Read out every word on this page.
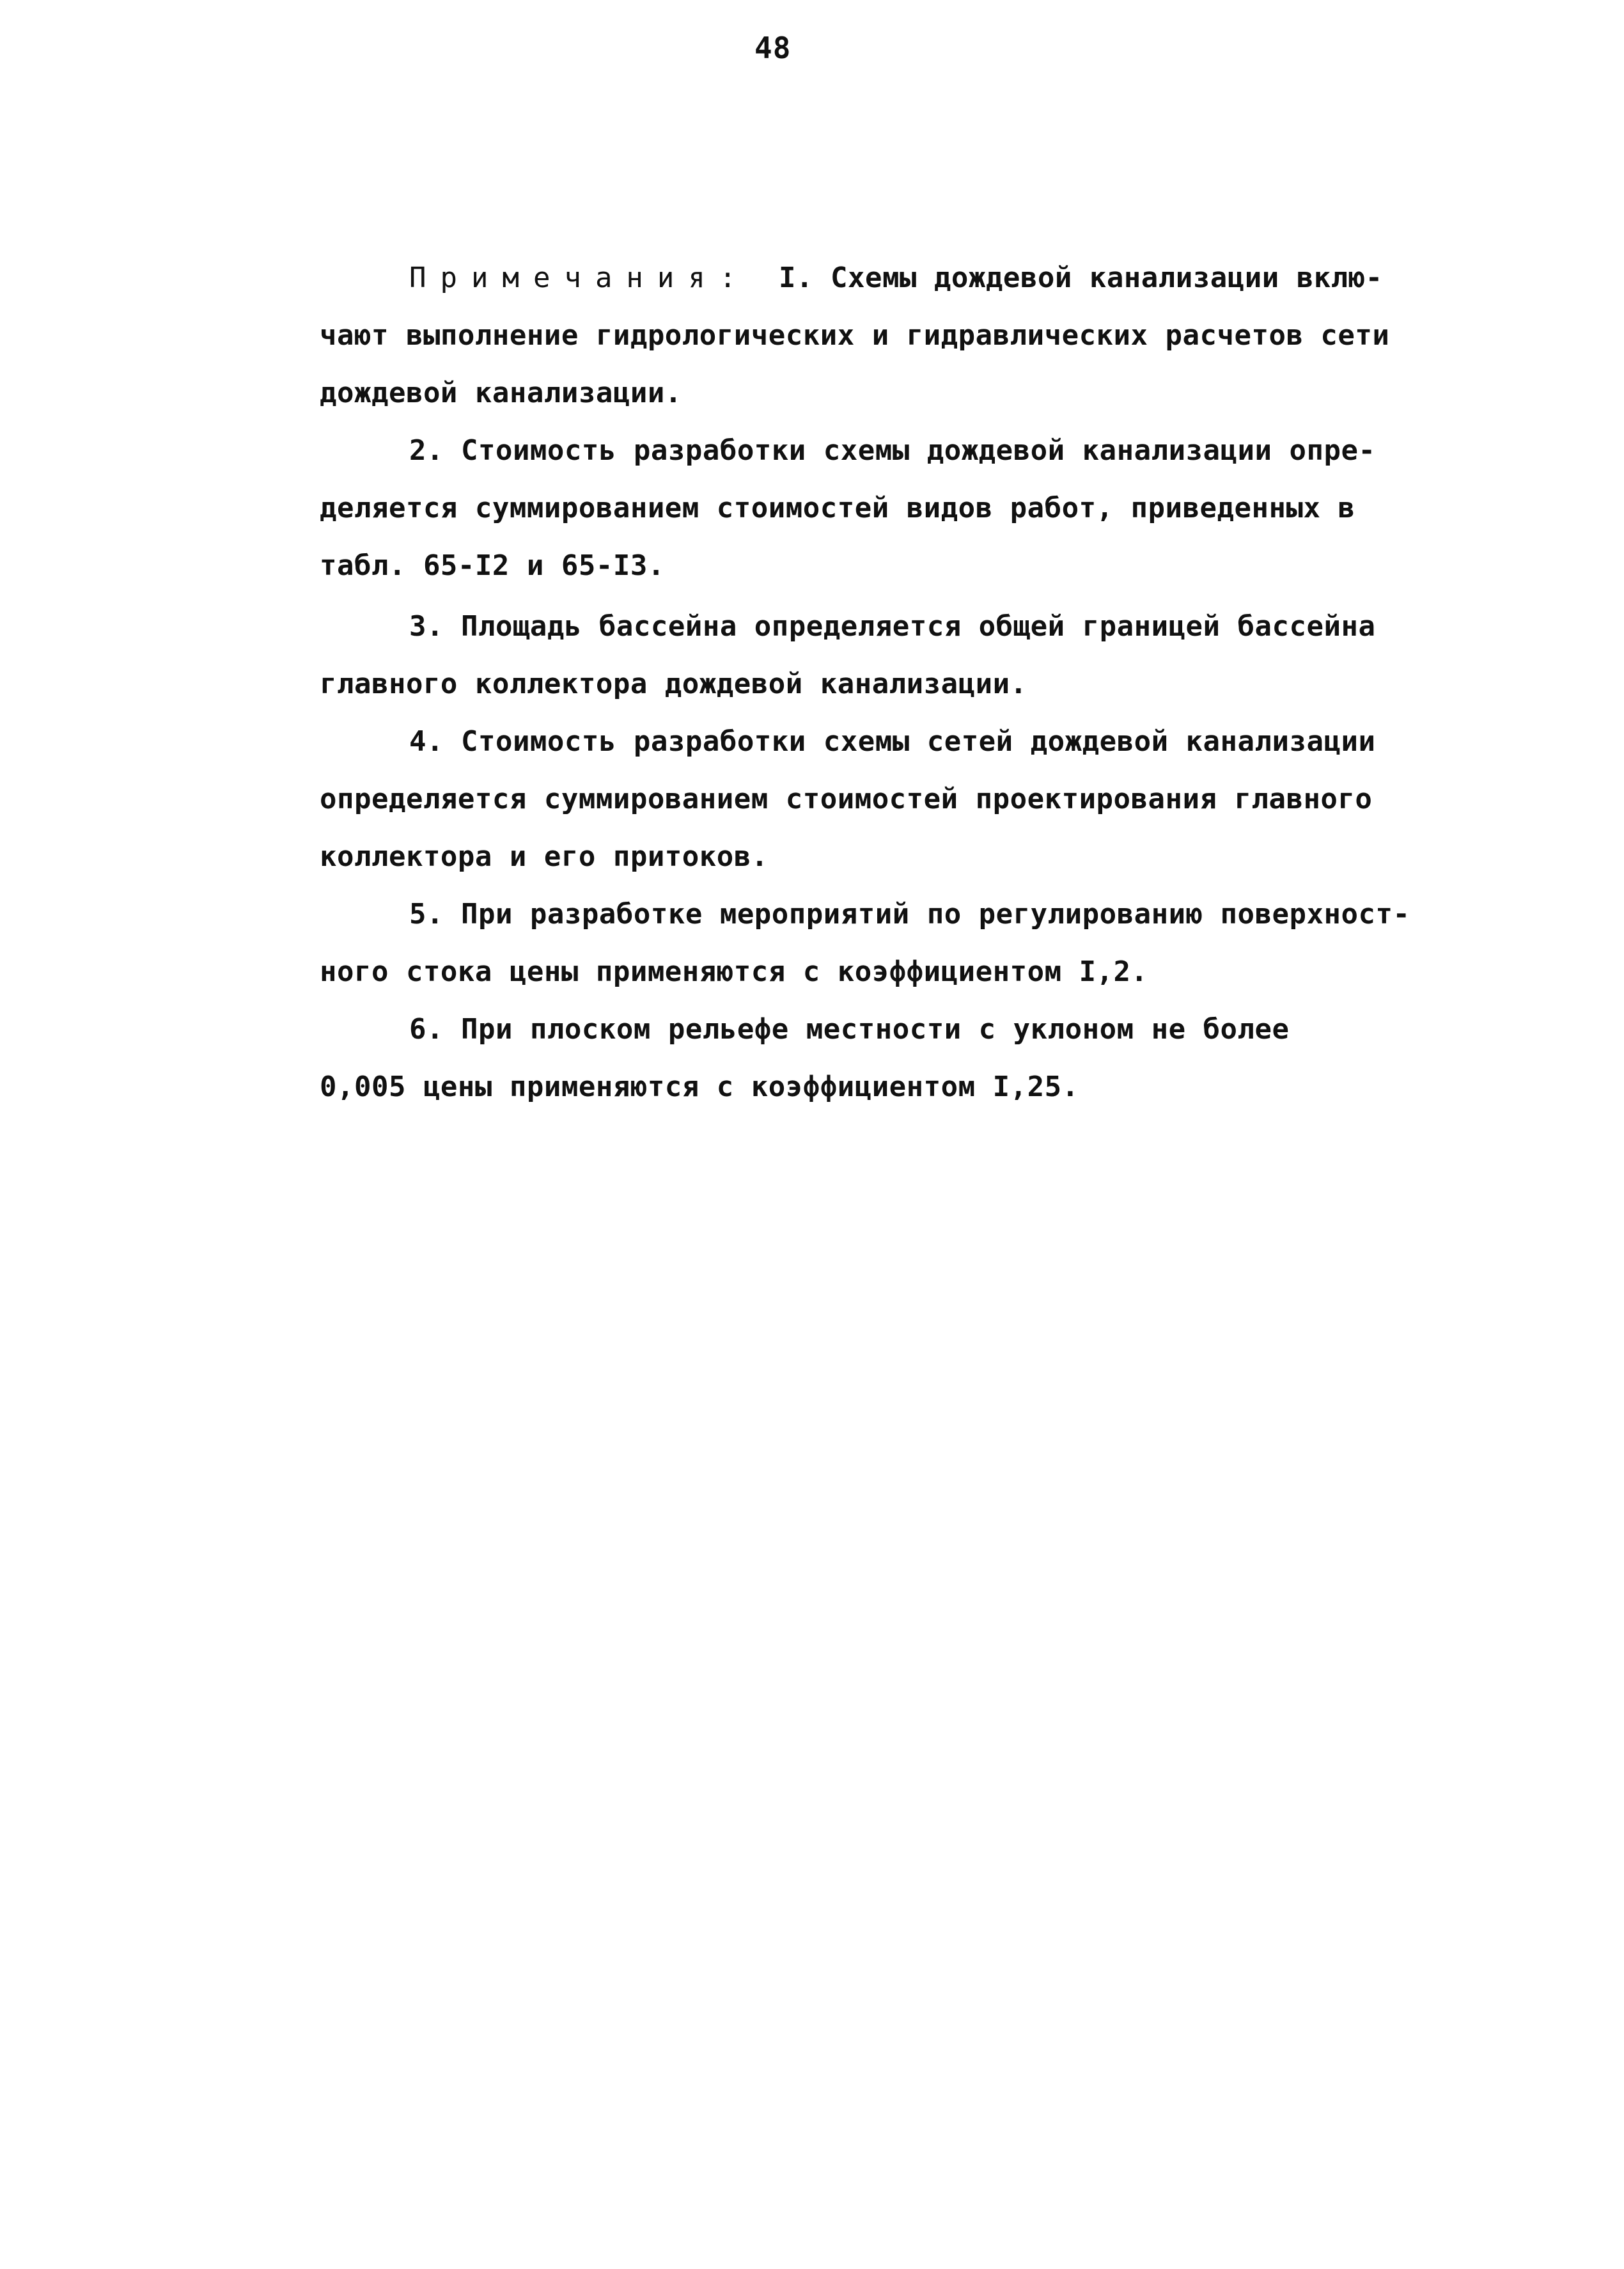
48
Примечания: I. Схемы дождевой канализации вклю-
чают выполнение гидрологических и гидравлических расчетов сети
дождевой канализации.
2. Стоимость разработки схемы дождевой канализации опре-
деляется суммированием стоимостей видов работ, приведенных в
табл. 65-I2 и 65-I3.
3. Площадь бассейна определяется общей границей бассейна
главного коллектора дождевой канализации.
4. Стоимость разработки схемы сетей дождевой канализации
определяется суммированием стоимостей проектирования главного
коллектора и его притоков.
5. При разработке мероприятий по регулированию поверхност-
ного стока цены применяются с коэффициентом I,2.
6. При плоском рельефе местности с уклоном не более
0,005 цены применяются с коэффициентом I,25.
